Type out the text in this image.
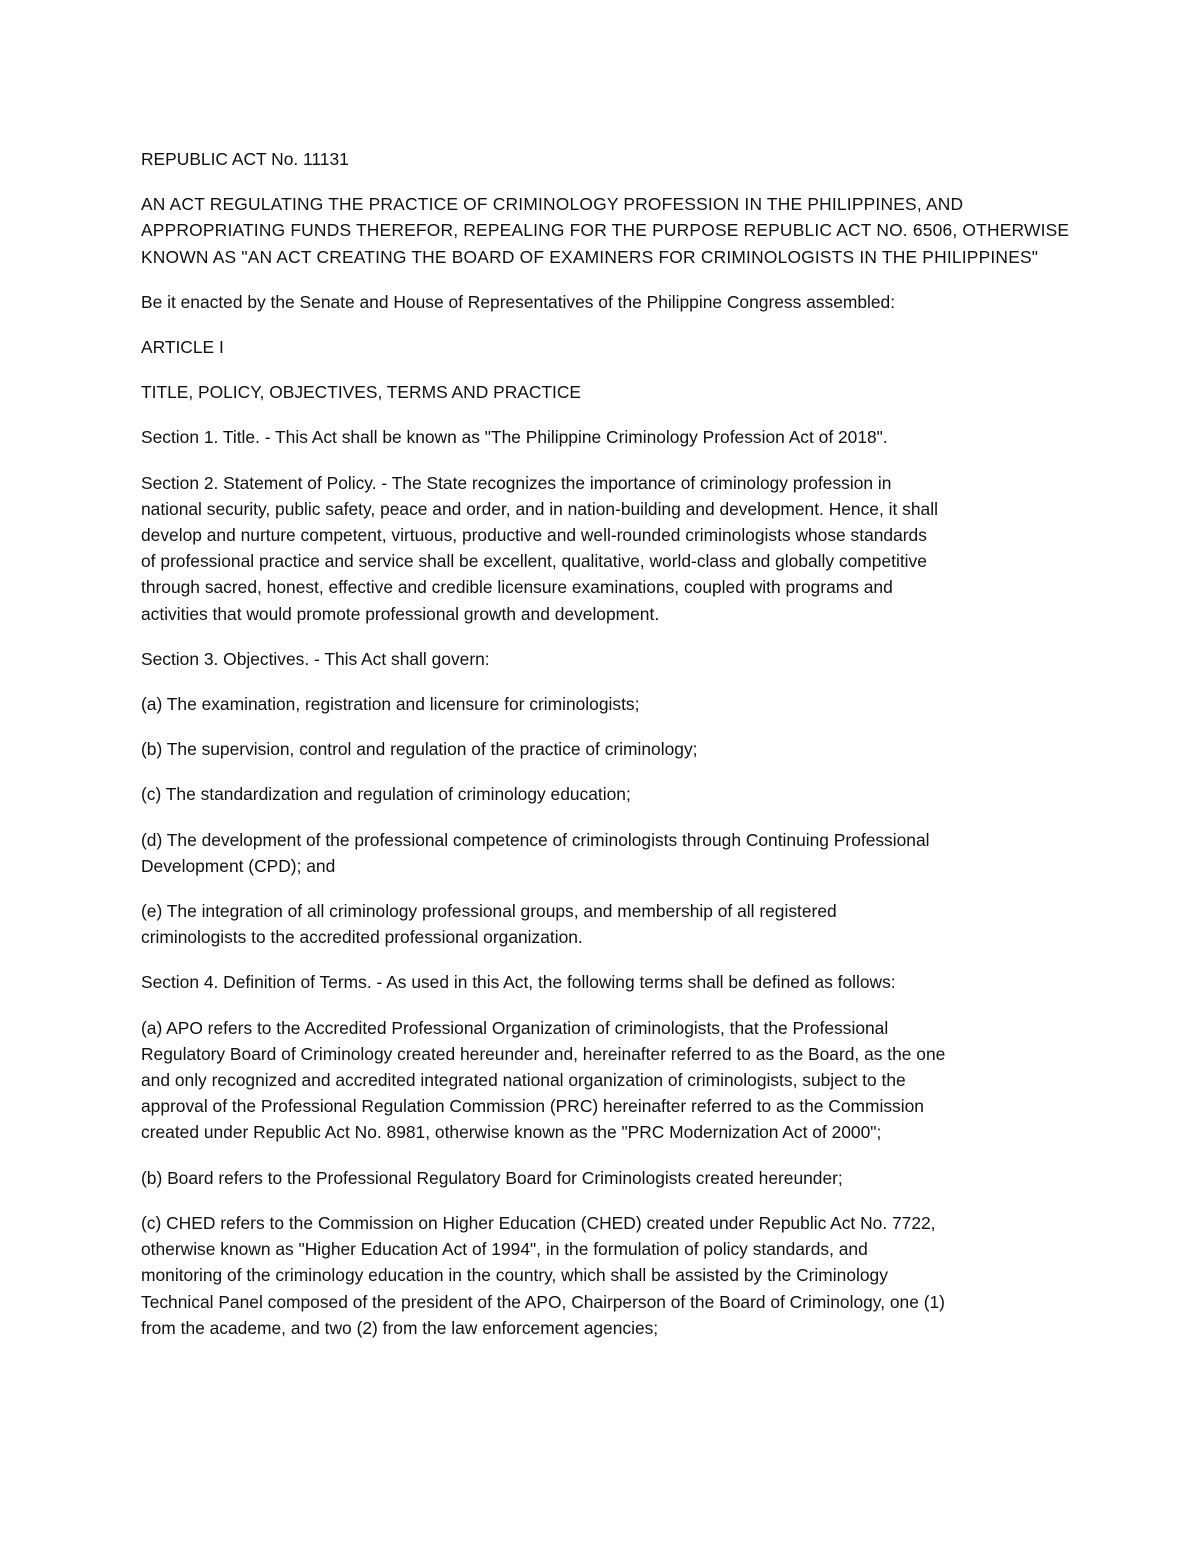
REPUBLIC ACT No. 11131

AN ACT REGULATING THE PRACTICE OF CRIMINOLOGY PROFESSION IN THE PHILIPPINES, AND
APPROPRIATING FUNDS THEREFOR, REPEALING FOR THE PURPOSE REPUBLIC ACT NO. 6506, OTHERWISE
KNOWN AS "AN ACT CREATING THE BOARD OF EXAMINERS FOR CRIMINOLOGISTS IN THE PHILIPPINES"

Be it enacted by the Senate and House of Representatives of the Philippine Congress assembled:

ARTICLE I

TITLE, POLICY, OBJECTIVES, TERMS AND PRACTICE

Section 1. Title. - This Act shall be known as "The Philippine Criminology Profession Act of 2018".

Section 2. Statement of Policy. - The State recognizes the importance of criminology profession in
national security, public safety, peace and order, and in nation-building and development. Hence, it shall
develop and nurture competent, virtuous, productive and well-rounded criminologists whose standards
of professional practice and service shall be excellent, qualitative, world-class and globally competitive
through sacred, honest, effective and credible licensure examinations, coupled with programs and
activities that would promote professional growth and development.

Section 3. Objectives. - This Act shall govern:

(a) The examination, registration and licensure for criminologists;

(b) The supervision, control and regulation of the practice of criminology;

(c) The standardization and regulation of criminology education;

(d) The development of the professional competence of criminologists through Continuing Professional
Development (CPD); and

(e) The integration of all criminology professional groups, and membership of all registered
criminologists to the accredited professional organization.

Section 4. Definition of Terms. - As used in this Act, the following terms shall be defined as follows:

(a) APO refers to the Accredited Professional Organization of criminologists, that the Professional
Regulatory Board of Criminology created hereunder and, hereinafter referred to as the Board, as the one
and only recognized and accredited integrated national organization of criminologists, subject to the
approval of the Professional Regulation Commission (PRC) hereinafter referred to as the Commission
created under Republic Act No. 8981, otherwise known as the "PRC Modernization Act of 2000";

(b) Board refers to the Professional Regulatory Board for Criminologists created hereunder;

(c) CHED refers to the Commission on Higher Education (CHED) created under Republic Act No. 7722,
otherwise known as "Higher Education Act of 1994", in the formulation of policy standards, and
monitoring of the criminology education in the country, which shall be assisted by the Criminology
Technical Panel composed of the president of the APO, Chairperson of the Board of Criminology, one (1)
from the academe, and two (2) from the law enforcement agencies;
